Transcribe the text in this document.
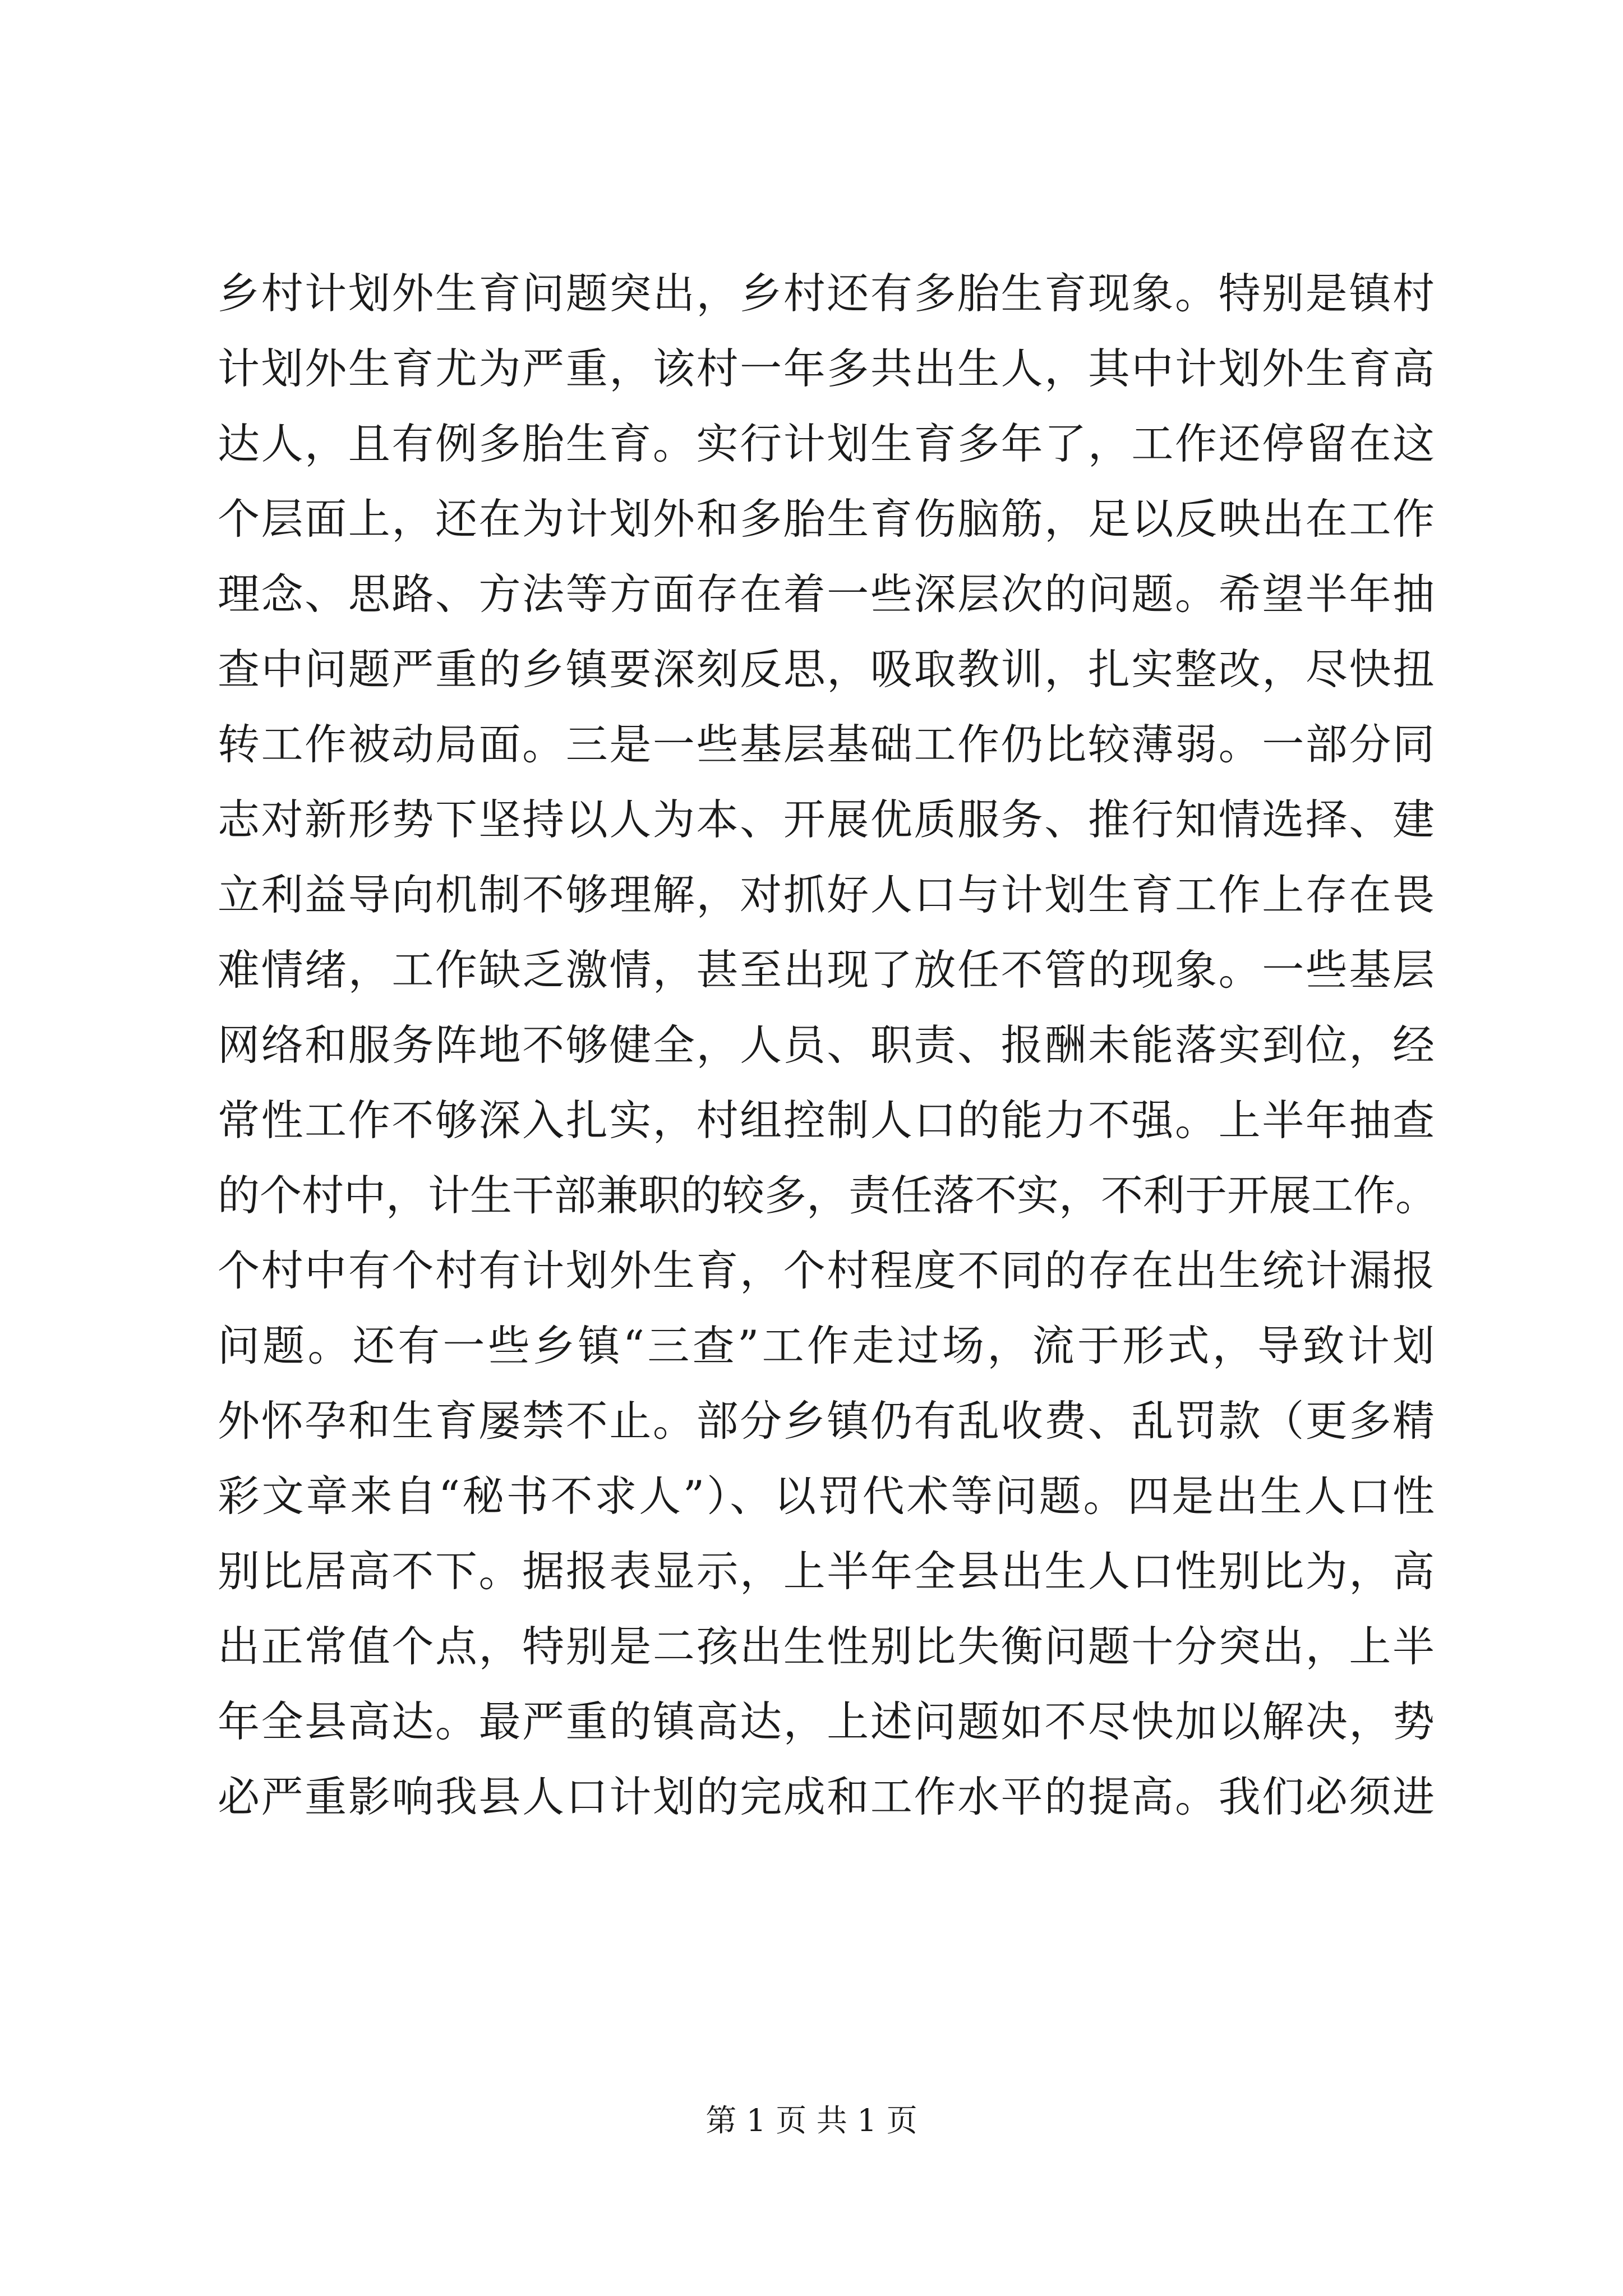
乡村计划外生育问题突出，乡村还有多胎生育现象。特别是镇村
计划外生育尤为严重，该村一年多共出生人，其中计划外生育高
达人，且有例多胎生育。实行计划生育多年了，工作还停留在这
个层面上，还在为计划外和多胎生育伤脑筋，足以反映出在工作
理念、思路、方法等方面存在着一些深层次的问题。希望半年抽
查中问题严重的乡镇要深刻反思，吸取教训，扎实整改，尽快扭
转工作被动局面。三是一些基层基础工作仍比较薄弱。一部分同
志对新形势下坚持以人为本、开展优质服务、推行知情选择、建
立利益导向机制不够理解，对抓好人口与计划生育工作上存在畏
难情绪，工作缺乏激情，甚至出现了放任不管的现象。一些基层
网络和服务阵地不够健全，人员、职责、报酬未能落实到位，经
常性工作不够深入扎实，村组控制人口的能力不强。上半年抽查
的个村中，计生干部兼职的较多，责任落不实，不利于开展工作。
个村中有个村有计划外生育，个村程度不同的存在出生统计漏报
问题。还有一些乡镇“三查”工作走过场，流于形式，导致计划
外怀孕和生育屡禁不止。部分乡镇仍有乱收费、乱罚款（更多精
彩文章来自“秘书不求人”）、以罚代术等问题。四是出生人口性
别比居高不下。据报表显示，上半年全县出生人口性别比为，高
出正常值个点，特别是二孩出生性别比失衡问题十分突出，上半
年全县高达。最严重的镇高达，上述问题如不尽快加以解决，势
必严重影响我县人口计划的完成和工作水平的提高。我们必须进
第 1 页 共 1 页
